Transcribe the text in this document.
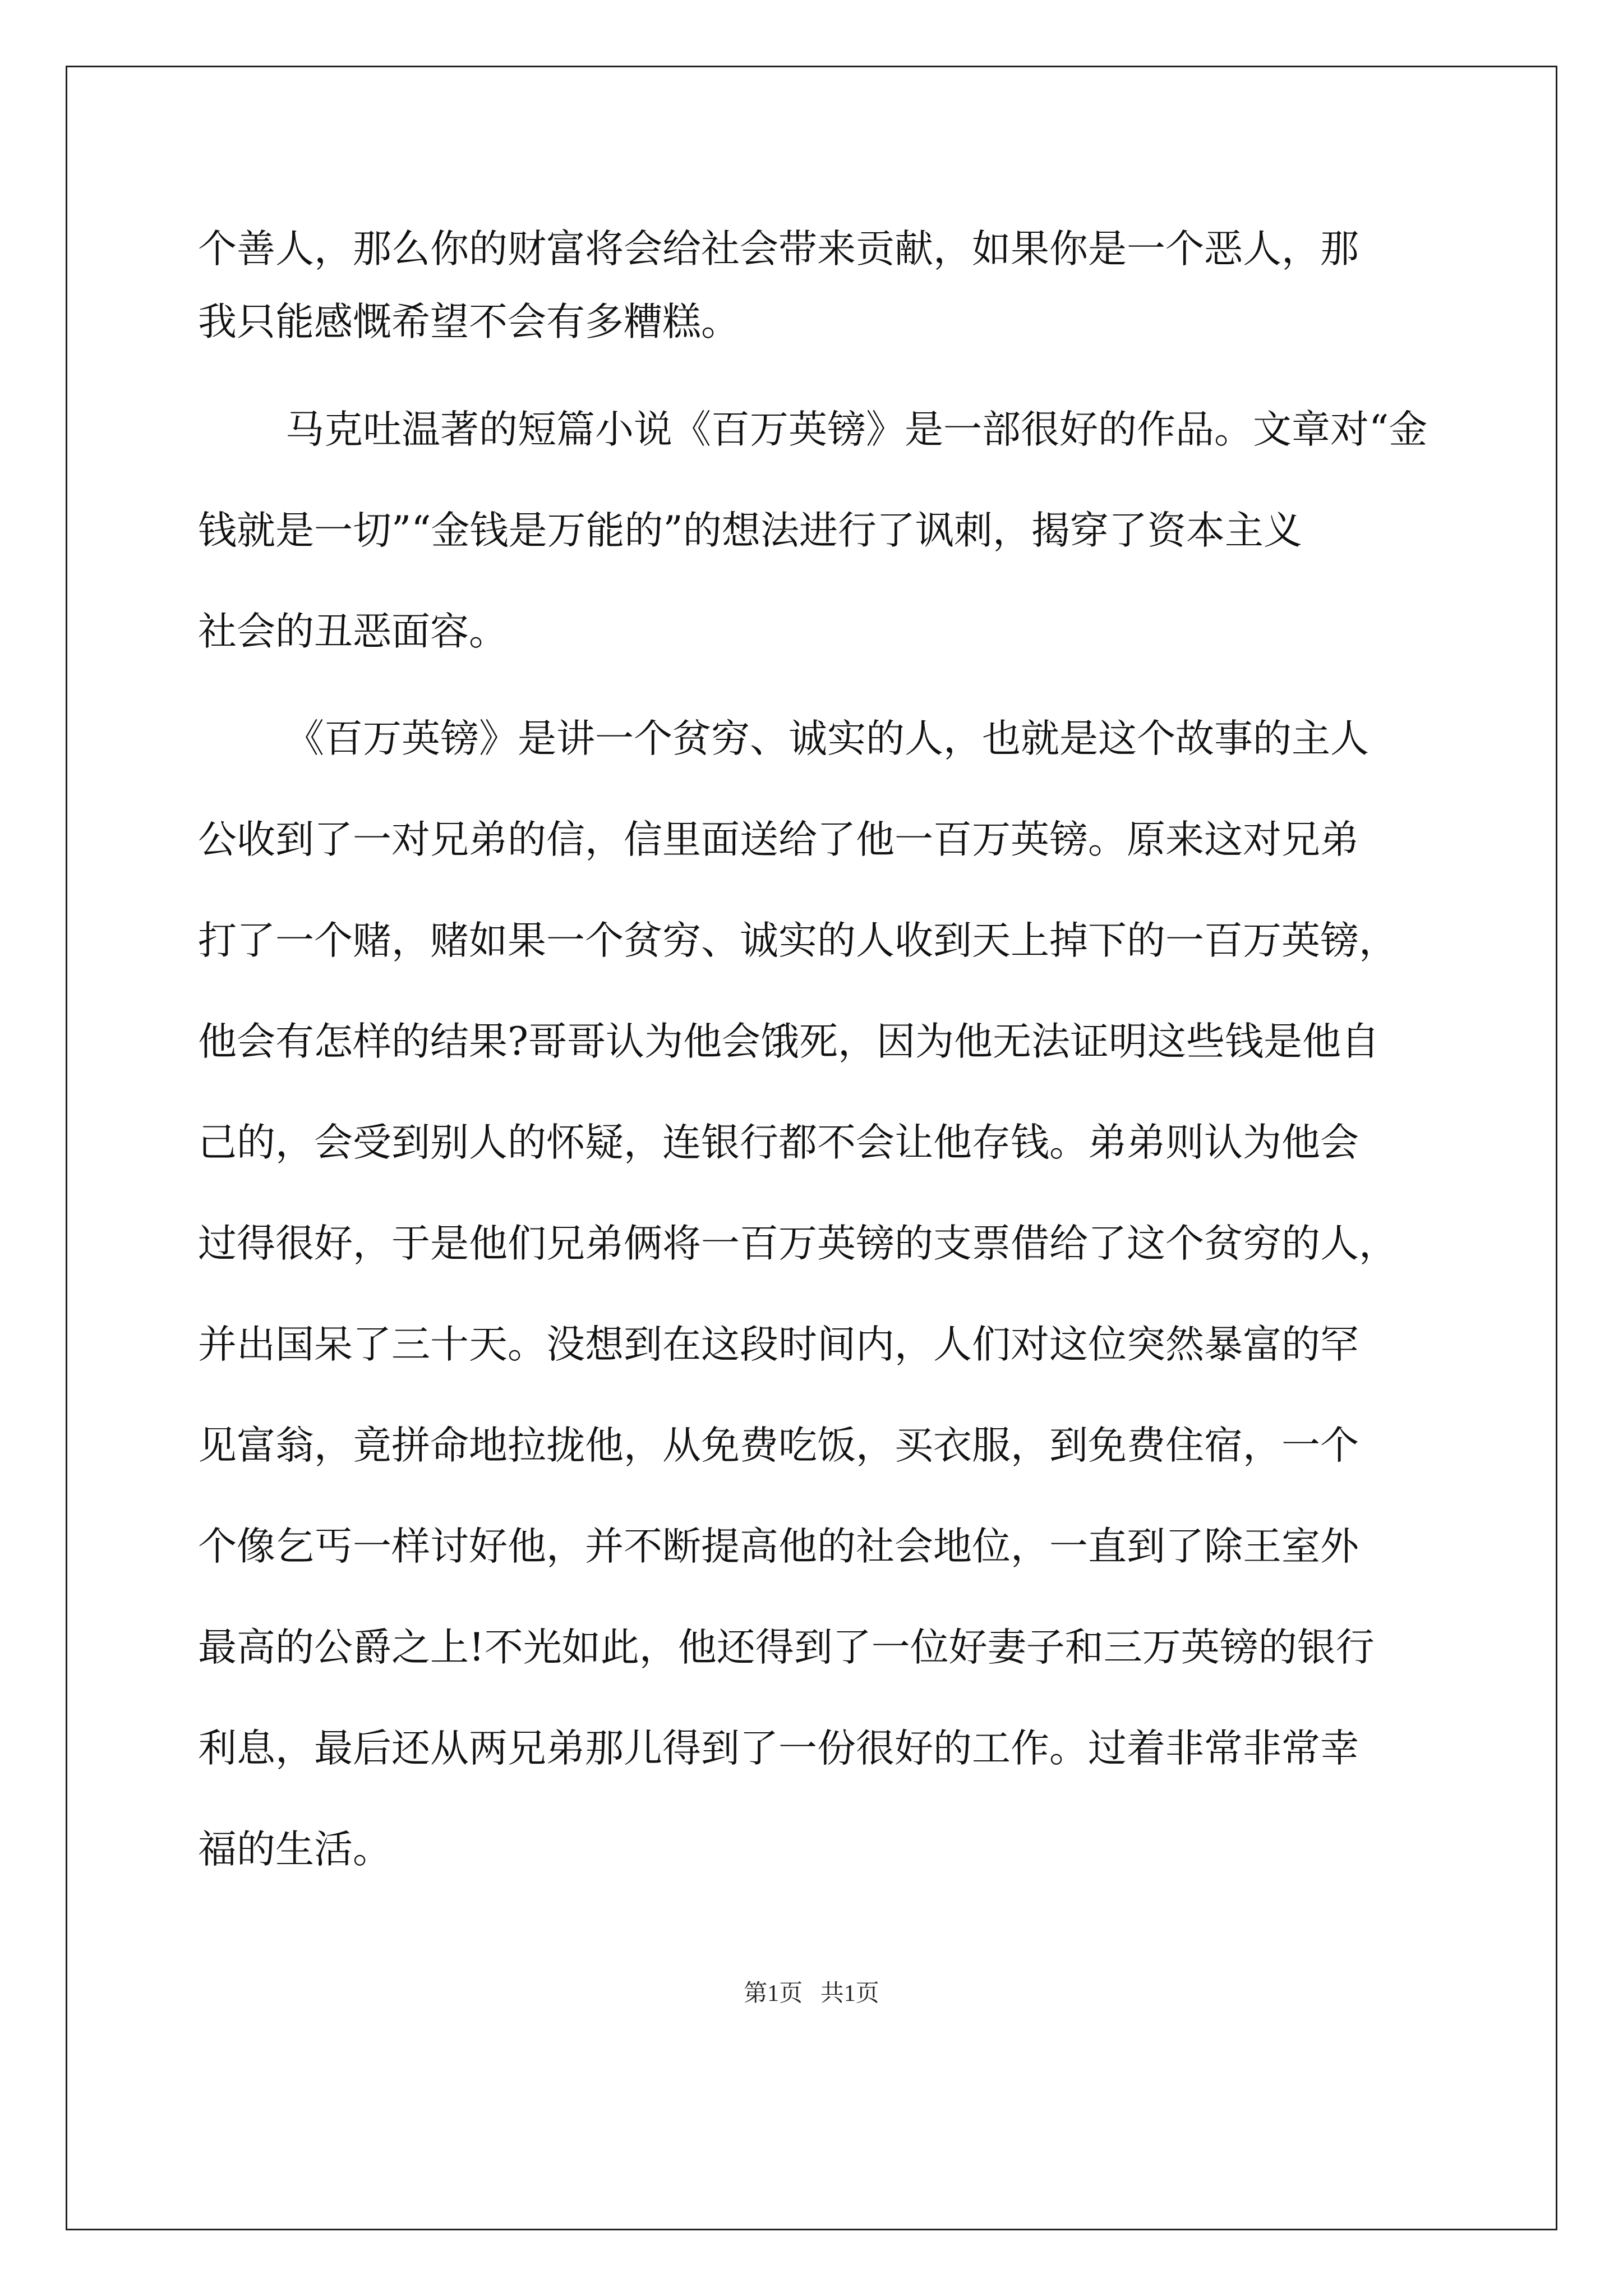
个善人，那么你的财富将会给社会带来贡献，如果你是一个恶人，那

我只能感慨希望不会有多糟糕。

马克吐温著的短篇小说《百万英镑》是一部很好的作品。文章对“金

钱就是一切”“金钱是万能的”的想法进行了讽刺，揭穿了资本主义

社会的丑恶面容。

《百万英镑》是讲一个贫穷、诚实的人，也就是这个故事的主人

公收到了一对兄弟的信，信里面送给了他一百万英镑。原来这对兄弟

打了一个赌，赌如果一个贫穷、诚实的人收到天上掉下的一百万英镑，

他会有怎样的结果?哥哥认为他会饿死，因为他无法证明这些钱是他自

己的，会受到别人的怀疑，连银行都不会让他存钱。弟弟则认为他会

过得很好，于是他们兄弟俩将一百万英镑的支票借给了这个贫穷的人，

并出国呆了三十天。没想到在这段时间内，人们对这位突然暴富的罕

见富翁，竟拼命地拉拢他，从免费吃饭，买衣服，到免费住宿，一个

个像乞丐一样讨好他，并不断提高他的社会地位，一直到了除王室外

最高的公爵之上!不光如此，他还得到了一位好妻子和三万英镑的银行

利息，最后还从两兄弟那儿得到了一份很好的工作。过着非常非常幸

福的生活。

第1页   共1页
